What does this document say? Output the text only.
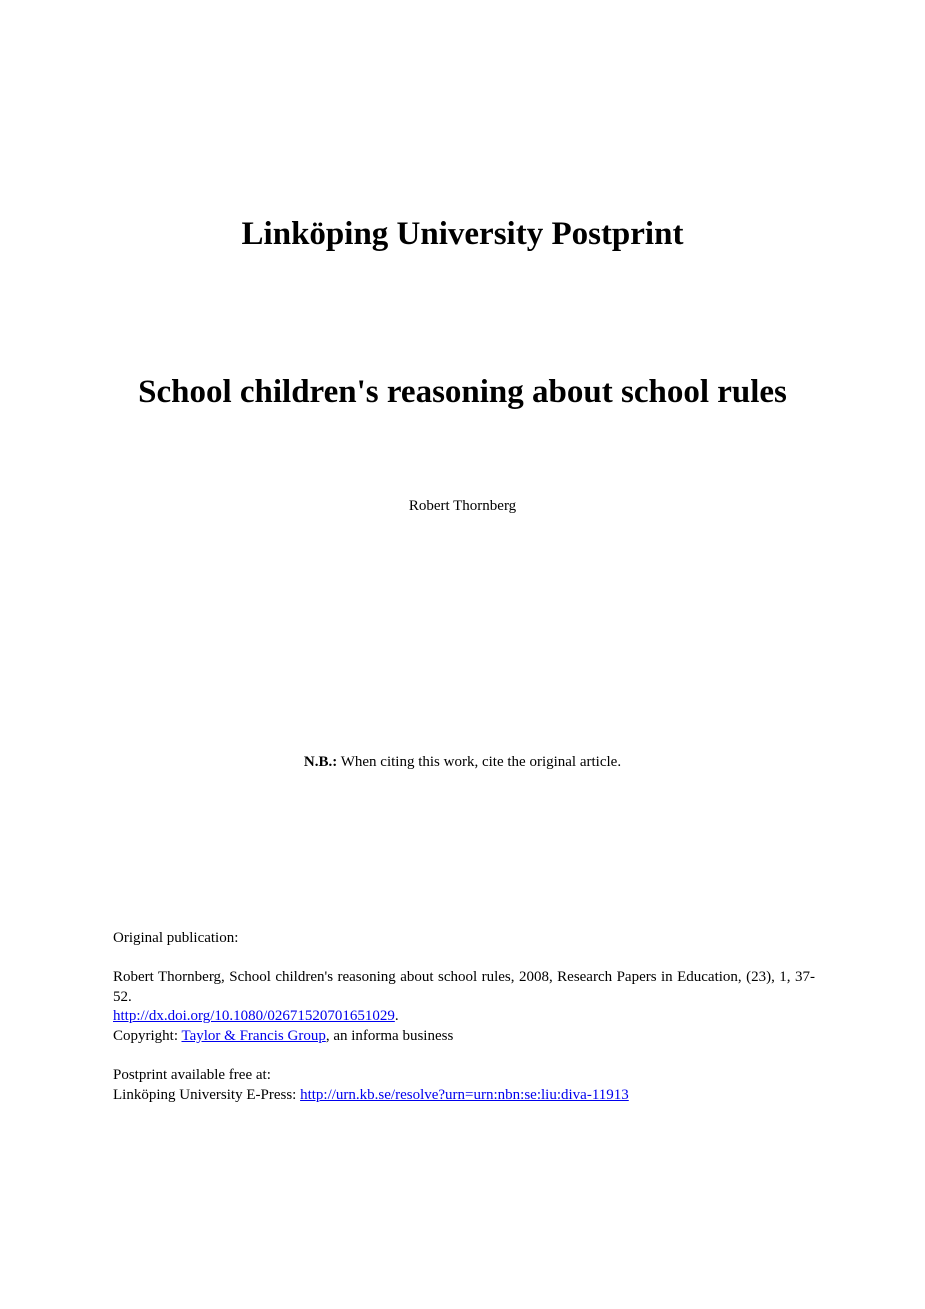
Linköping University Postprint
School children's reasoning about school rules
Robert Thornberg
N.B.: When citing this work, cite the original article.

Original publication:

Robert Thornberg, School children's reasoning about school rules, 2008, Research Papers in Education, (23), 1, 37-52.

http://dx.doi.org/10.1080/02671520701651029.

Copyright: Taylor & Francis Group, an informa business

Postprint available free at:

Linköping University E-Press: http://urn.kb.se/resolve?urn=urn:nbn:se:liu:diva-11913
